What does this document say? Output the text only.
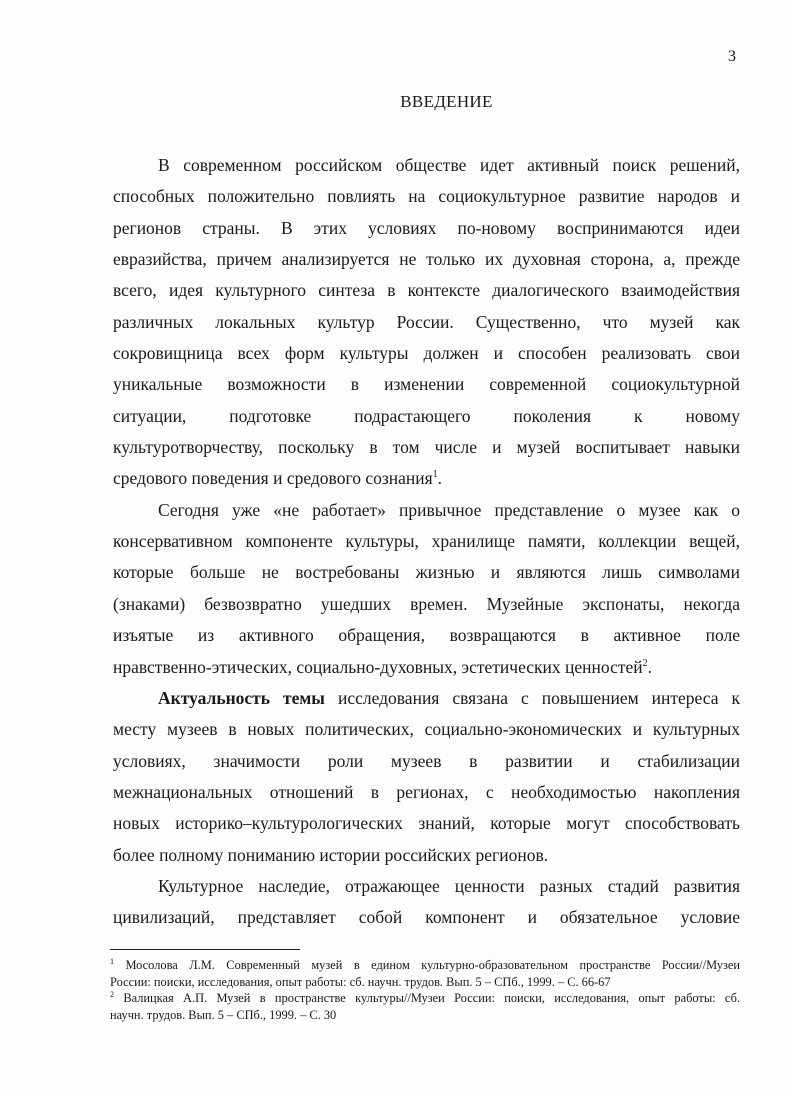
3
ВВЕДЕНИЕ
В современном российском обществе идет активный поиск решений,
способных положительно повлиять на социокультурное развитие народов и
регионов страны. В этих условиях по-новому воспринимаются идеи
евразийства, причем анализируется не только их духовная сторона, а, прежде
всего, идея культурного синтеза в контексте диалогического взаимодействия
различных локальных культур России. Существенно, что музей как
сокровищница всех форм культуры должен и способен реализовать свои
уникальные возможности в изменении современной социокультурной
ситуации, подготовке подрастающего поколения к новому
культуротворчеству, поскольку в том числе и музей воспитывает навыки
средового поведения и средового сознания$^1$.
Сегодня уже «не работает» привычное представление о музее как о
консервативном компоненте культуры, хранилище памяти, коллекции вещей,
которые больше не востребованы жизнью и являются лишь символами
(знаками) безвозвратно ушедших времен. Музейные экспонаты, некогда
изъятые из активного обращения, возвращаются в активное поле
нравственно-этических, социально-духовных, эстетических ценностей$^2$.
Актуальность темы исследования связана с повышением интереса к
месту музеев в новых политических, социально-экономических и культурных
условиях, значимости роли музеев в развитии и стабилизации
межнациональных отношений в регионах, с необходимостью накопления
новых историко–культурологических знаний, которые могут способствовать
более полному пониманию истории российских регионов.
Культурное наследие, отражающее ценности разных стадий развития
цивилизаций, представляет собой компонент и обязательное условие
$^1$ Мосолова Л.М. Современный музей в едином культурно-образовательном пространстве России//Музеи
России: поиски, исследования, опыт работы: сб. научн. трудов. Вып. 5 – СПб., 1999. – С. 66-67
$^2$ Валицкая А.П. Музей в пространстве культуры//Музеи России: поиски, исследования, опыт работы: сб.
научн. трудов. Вып. 5 – СПб., 1999. – С. 30
